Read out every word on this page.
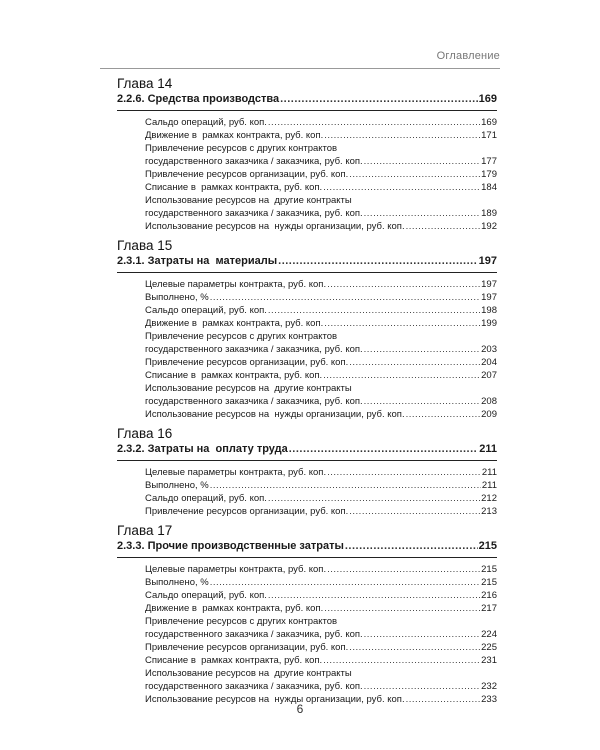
Оглавление
Глава 14
2.2.6.
Средства производства .....	169
Сальдо операций, руб. коп. .....	169
Движение в  рамках контракта, руб. коп. .....	171
Привлечение ресурсов с других контрактов
государственного заказчика / заказчика, руб. коп. .....	177
Привлечение ресурсов организации, руб. коп. .....	179
Списание в  рамках контракта, руб. коп. .....	184
Использование ресурсов на  другие контракты
государственного заказчика / заказчика, руб. коп. .....	189
Использование ресурсов на  нужды организации, руб. коп. .....	192
Глава 15
2.3.1.
Затраты на  материалы .....	197
Целевые параметры контракта, руб. коп. .....	197
Выполнено, % .....	197
Сальдо операций, руб. коп. .....	198
Движение в  рамках контракта, руб. коп. .....	199
Привлечение ресурсов с других контрактов
государственного заказчика / заказчика, руб. коп. .....	203
Привлечение ресурсов организации, руб. коп. .....	204
Списание в  рамках контракта, руб. коп. .....	207
Использование ресурсов на  другие контракты
государственного заказчика / заказчика, руб. коп. .....	208
Использование ресурсов на  нужды организации, руб. коп. .....	209
Глава 16
2.3.2.
Затраты на  оплату труда .....	211
Целевые параметры контракта, руб. коп. .....	211
Выполнено, % .....	211
Сальдо операций, руб. коп. .....	212
Привлечение ресурсов организации, руб. коп. .....	213
Глава 17
2.3.3.
Прочие производственные затраты .....	215
Целевые параметры контракта, руб. коп. .....	215
Выполнено, % .....	215
Сальдо операций, руб. коп. .....	216
Движение в  рамках контракта, руб. коп. .....	217
Привлечение ресурсов с других контрактов
государственного заказчика / заказчика, руб. коп. .....	224
Привлечение ресурсов организации, руб. коп. .....	225
Списание в  рамках контракта, руб. коп. .....	231
Использование ресурсов на  другие контракты
государственного заказчика / заказчика, руб. коп. .....	232
Использование ресурсов на  нужды организации, руб. коп. .....	233
6
